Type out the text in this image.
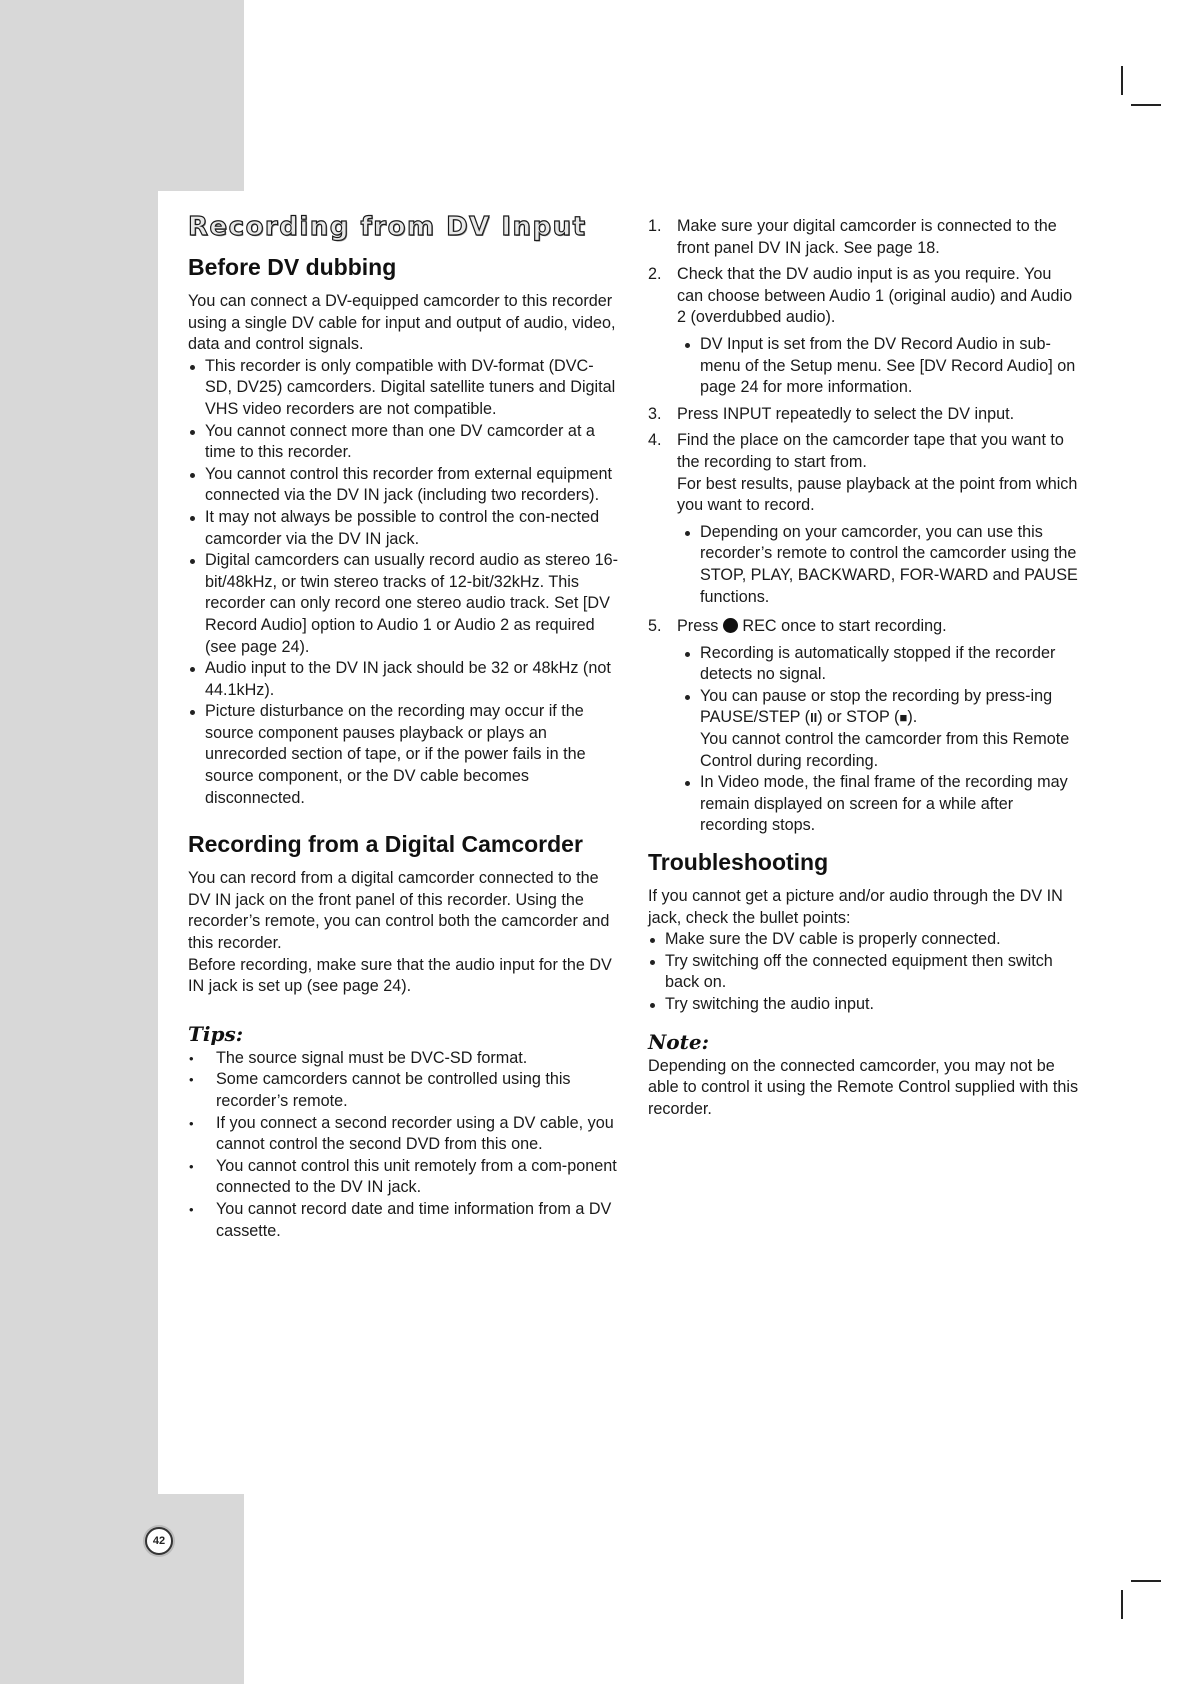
Recording from DV Input
Before DV dubbing

You can connect a DV-equipped camcorder to this recorder using a single DV cable for input and output of audio, video, data and control signals.

This recorder is only compatible with DV-format (DVC-SD, DV25) camcorders. Digital satellite tuners and Digital VHS video recorders are not compatible.
You cannot connect more than one DV camcorder at a time to this recorder.
You cannot control this recorder from external equipment connected via the DV IN jack (including two recorders).
It may not always be possible to control the con-nected camcorder via the DV IN jack.
Digital camcorders can usually record audio as stereo 16-bit/48kHz, or twin stereo tracks of 12-bit/32kHz. This recorder can only record one stereo audio track. Set [DV Record Audio] option to Audio 1 or Audio 2 as required (see page 24).
Audio input to the DV IN jack should be 32 or 48kHz (not 44.1kHz).
Picture disturbance on the recording may occur if the source component pauses playback or plays an unrecorded section of tape, or if the power fails in the source component, or the DV cable becomes disconnected.
Recording from a Digital Camcorder

You can record from a digital camcorder connected to the DV IN jack on the front panel of this recorder. Using the recorder’s remote, you can control both the camcorder and this recorder.

Before recording, make sure that the audio input for the DV IN jack is set up (see page 24).

Tips:
• The source signal must be DVC-SD format.
• Some camcorders cannot be controlled using this recorder’s remote.
• If you connect a second recorder using a DV cable, you cannot control the second DVD from this one.
• You cannot control this unit remotely from a com-ponent connected to the DV IN jack.
• You cannot record date and time information from a DV cassette.
1. Make sure your digital camcorder is connected to the front panel DV IN jack. See page 18.
2. Check that the DV audio input is as you require. You can choose between Audio 1 (original audio) and Audio 2 (overdubbed audio).
DV Input is set from the DV Record Audio in sub-menu of the Setup menu. See [DV Record Audio] on page 24 for more information.
3. Press INPUT repeatedly to select the DV input.
4. Find the place on the camcorder tape that you want to the recording to start from.
For best results, pause playback at the point from which you want to record.
Depending on your camcorder, you can use this recorder’s remote to control the camcorder using the STOP, PLAY, BACKWARD, FOR-WARD and PAUSE functions.
5. Press REC once to start recording.
Recording is automatically stopped if the recorder detects no signal.
You can pause or stop the recording by press-ing PAUSE/STEP (II) or STOP (■).
You cannot control the camcorder from this Remote Control during recording.
In Video mode, the final frame of the recording may remain displayed on screen for a while after recording stops.
Troubleshooting

If you cannot get a picture and/or audio through the DV IN jack, check the bullet points:

Make sure the DV cable is properly connected.
Try switching off the connected equipment then switch back on.
Try switching the audio input.
Note:

Depending on the connected camcorder, you may not be able to control it using the Remote Control supplied with this recorder.

42
